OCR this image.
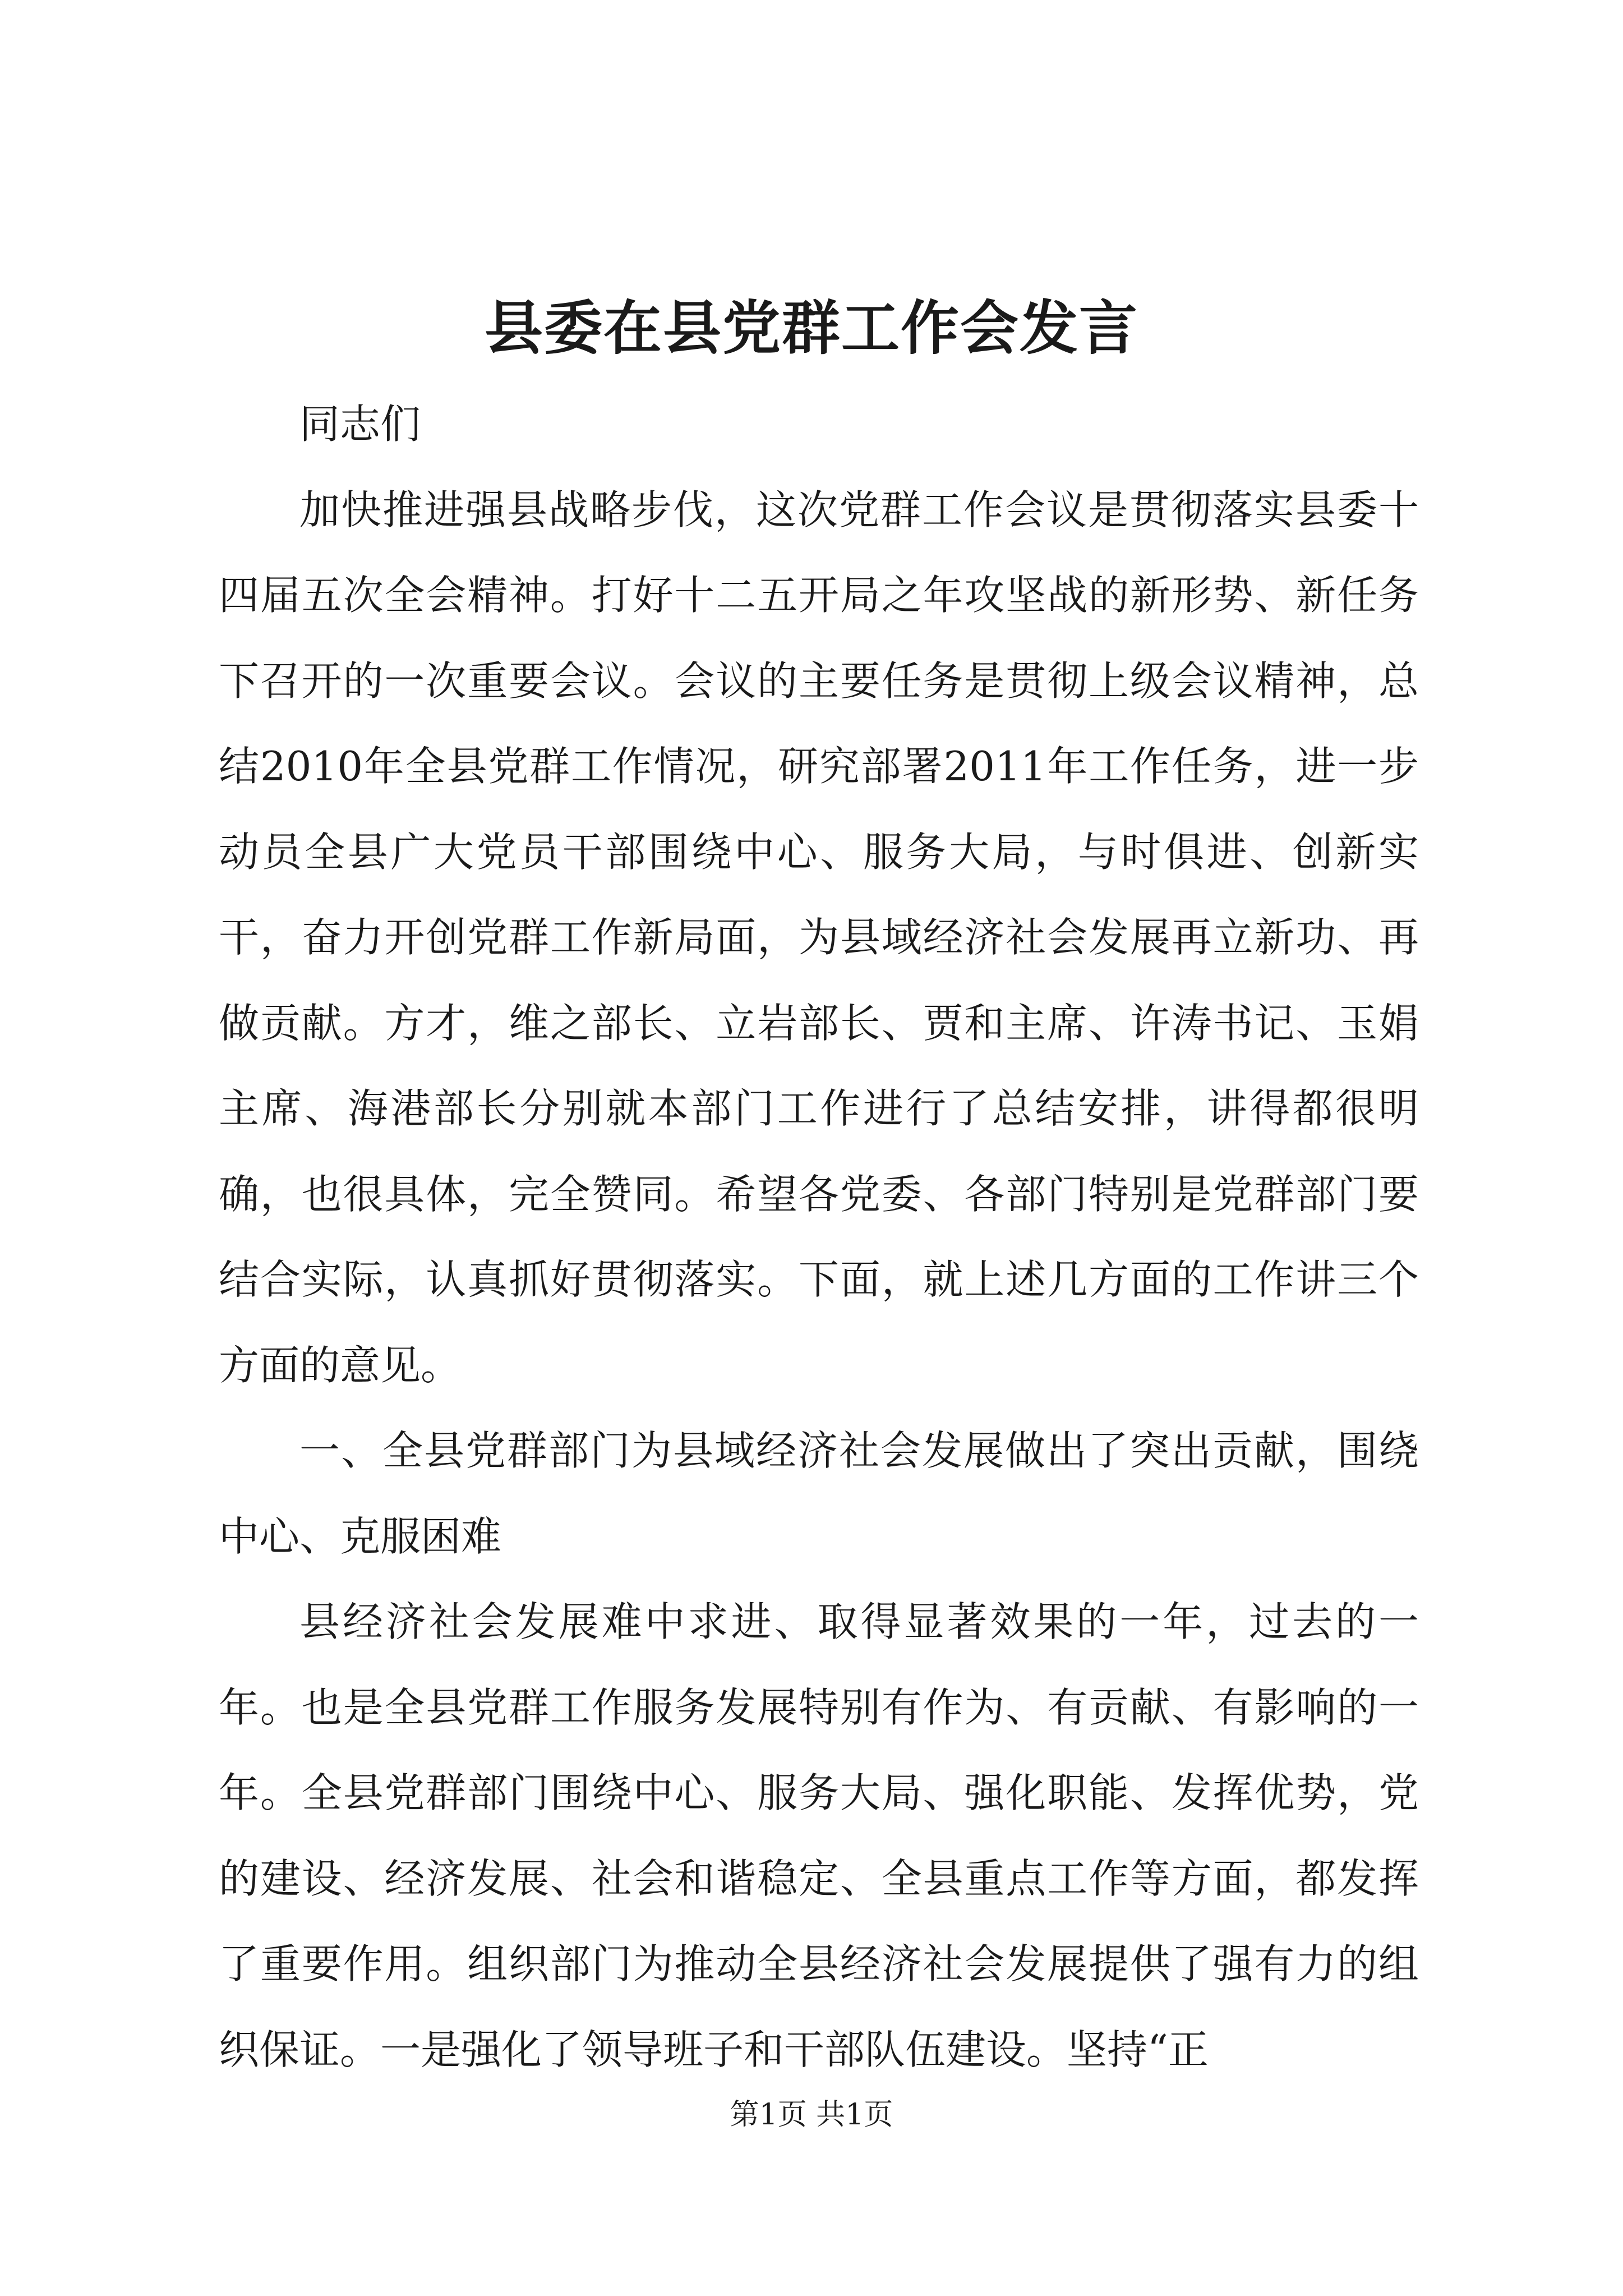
县委在县党群工作会发言

同志们

加快推进强县战略步伐，这次党群工作会议是贯彻落实县委十四届五次全会精神。打好十二五开局之年攻坚战的新形势、新任务下召开的一次重要会议。会议的主要任务是贯彻上级会议精神，总结2010年全县党群工作情况，研究部署2011年工作任务，进一步动员全县广大党员干部围绕中心、服务大局，与时俱进、创新实干，奋力开创党群工作新局面，为县域经济社会发展再立新功、再做贡献。方才，维之部长、立岩部长、贾和主席、许涛书记、玉娟主席、海港部长分别就本部门工作进行了总结安排，讲得都很明确，也很具体，完全赞同。希望各党委、各部门特别是党群部门要结合实际，认真抓好贯彻落实。下面，就上述几方面的工作讲三个方面的意见。

一、全县党群部门为县域经济社会发展做出了突出贡献，围绕中心、克服困难

县经济社会发展难中求进、取得显著效果的一年，过去的一年。也是全县党群工作服务发展特别有作为、有贡献、有影响的一年。全县党群部门围绕中心、服务大局、强化职能、发挥优势，党的建设、经济发展、社会和谐稳定、全县重点工作等方面，都发挥了重要作用。组织部门为推动全县经济社会发展提供了强有力的组织保证。一是强化了领导班子和干部队伍建设。坚持“正

第1页 共1页
